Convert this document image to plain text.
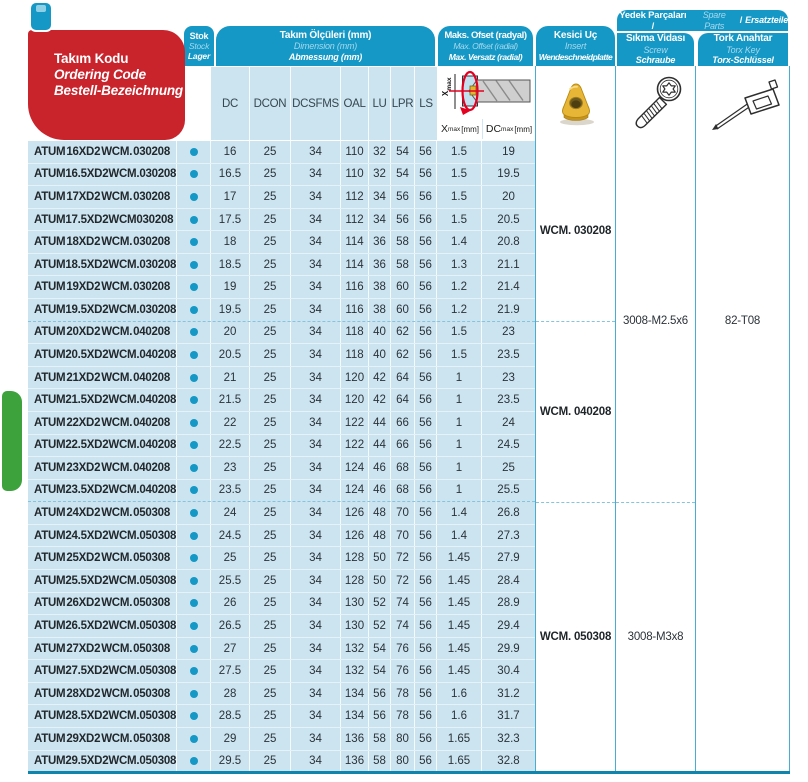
Takım Kodu
Ordering Code
Bestell-Bezeichnung
Stok
Stock
Lager
Takım Ölçüleri (mm)
Dimension (mm)
Abmessung (mm)
Maks. Ofset (radyal)
Max. Offset (radial)
Max. Versatz (radial)
Kesici Uç
Insert
Wendeschneidplatte
Yedek Parçaları /
Spare Parts	/ Ersatzteile
Sıkma Vidası
Screw
Schraube
Tork Anahtar
Torx Key
Torx-Schlüssel
DC	DCON DCSFMS OAL LU LPR LS
$X_{max}$
X max [mm] DC max [mm]
ATUM 16XD2 WCM. 030208	16	25	34	110 32 54 56	1.5	19
ATUM 16.5XD2 WCM. 030208	16.5	25	34	110 32 54 56	1.5	19.5
ATUM 17XD2 WCM. 030208	17	25	34	112 34 56 56	1.5	20
ATUM 17.5XD2 WCM 030208	17.5	25	34	112 34 56 56	1.5	20.5
ATUM 18XD2 WCM. 030208	18	25	34	114 36 58 56	1.4	20.8
ATUM 18.5XD2 WCM. 030208	18.5	25	34	114 36 58 56	1.3	21.1
ATUM 19XD2 WCM. 030208	19	25	34	116 38 60 56	1.2	21.4
ATUM 19.5XD2 WCM. 030208	19.5	25	34	116 38 60 56	1.2	21.9
ATUM 20XD2 WCM. 040208	20	25	34	118 40 62 56	1.5	23
ATUM 20.5XD2 WCM. 040208	20.5	25	34	118 40 62 56	1.5	23.5
ATUM 21XD2 WCM. 040208	21	25	34	120 42 64 56	1	23
ATUM 21.5XD2 WCM. 040208	21.5	25	34	120 42 64 56	1	23.5
ATUM 22XD2 WCM. 040208	22	25	34	122 44 66 56	1	24
ATUM 22.5XD2 WCM. 040208	22.5	25	34	122 44 66 56	1	24.5
ATUM 23XD2 WCM. 040208	23	25	34	124 46 68 56	1	25
ATUM 23.5XD2 WCM. 040208	23.5	25	34	124 46 68 56	1	25.5
ATUM 24XD2 WCM. 050308	24	25	34	126 48 70 56	1.4	26.8
ATUM 24.5XD2 WCM. 050308	24.5	25	34	126 48 70 56	1.4	27.3
ATUM 25XD2 WCM. 050308	25	25	34	128 50 72 56	1.45	27.9
ATUM 25.5XD2 WCM. 050308	25.5	25	34	128 50 72 56	1.45	28.4
ATUM 26XD2 WCM. 050308	26	25	34	130 52 74 56	1.45	28.9
ATUM 26.5XD2 WCM. 050308	26.5	25	34	130 52 74 56	1.45	29.4
ATUM 27XD2 WCM. 050308	27	25	34	132 54 76 56	1.45	29.9
ATUM 27.5XD2 WCM. 050308	27.5	25	34	132 54 76 56	1.45	30.4
ATUM 28XD2 WCM. 050308	28	25	34	134 56 78 56	1.6	31.2
ATUM 28.5XD2 WCM. 050308	28.5	25	34	134 56 78 56	1.6	31.7
ATUM 29XD2 WCM. 050308	29	25	34	136 58 80 56	1.65	32.3
ATUM 29.5XD2 WCM. 050308	29.5	25	34	136 58 80 56	1.65	32.8
WCM. 030208
WCM. 040208
WCM. 050308
3008-M2.5x6
3008-M3x8
82-T08
